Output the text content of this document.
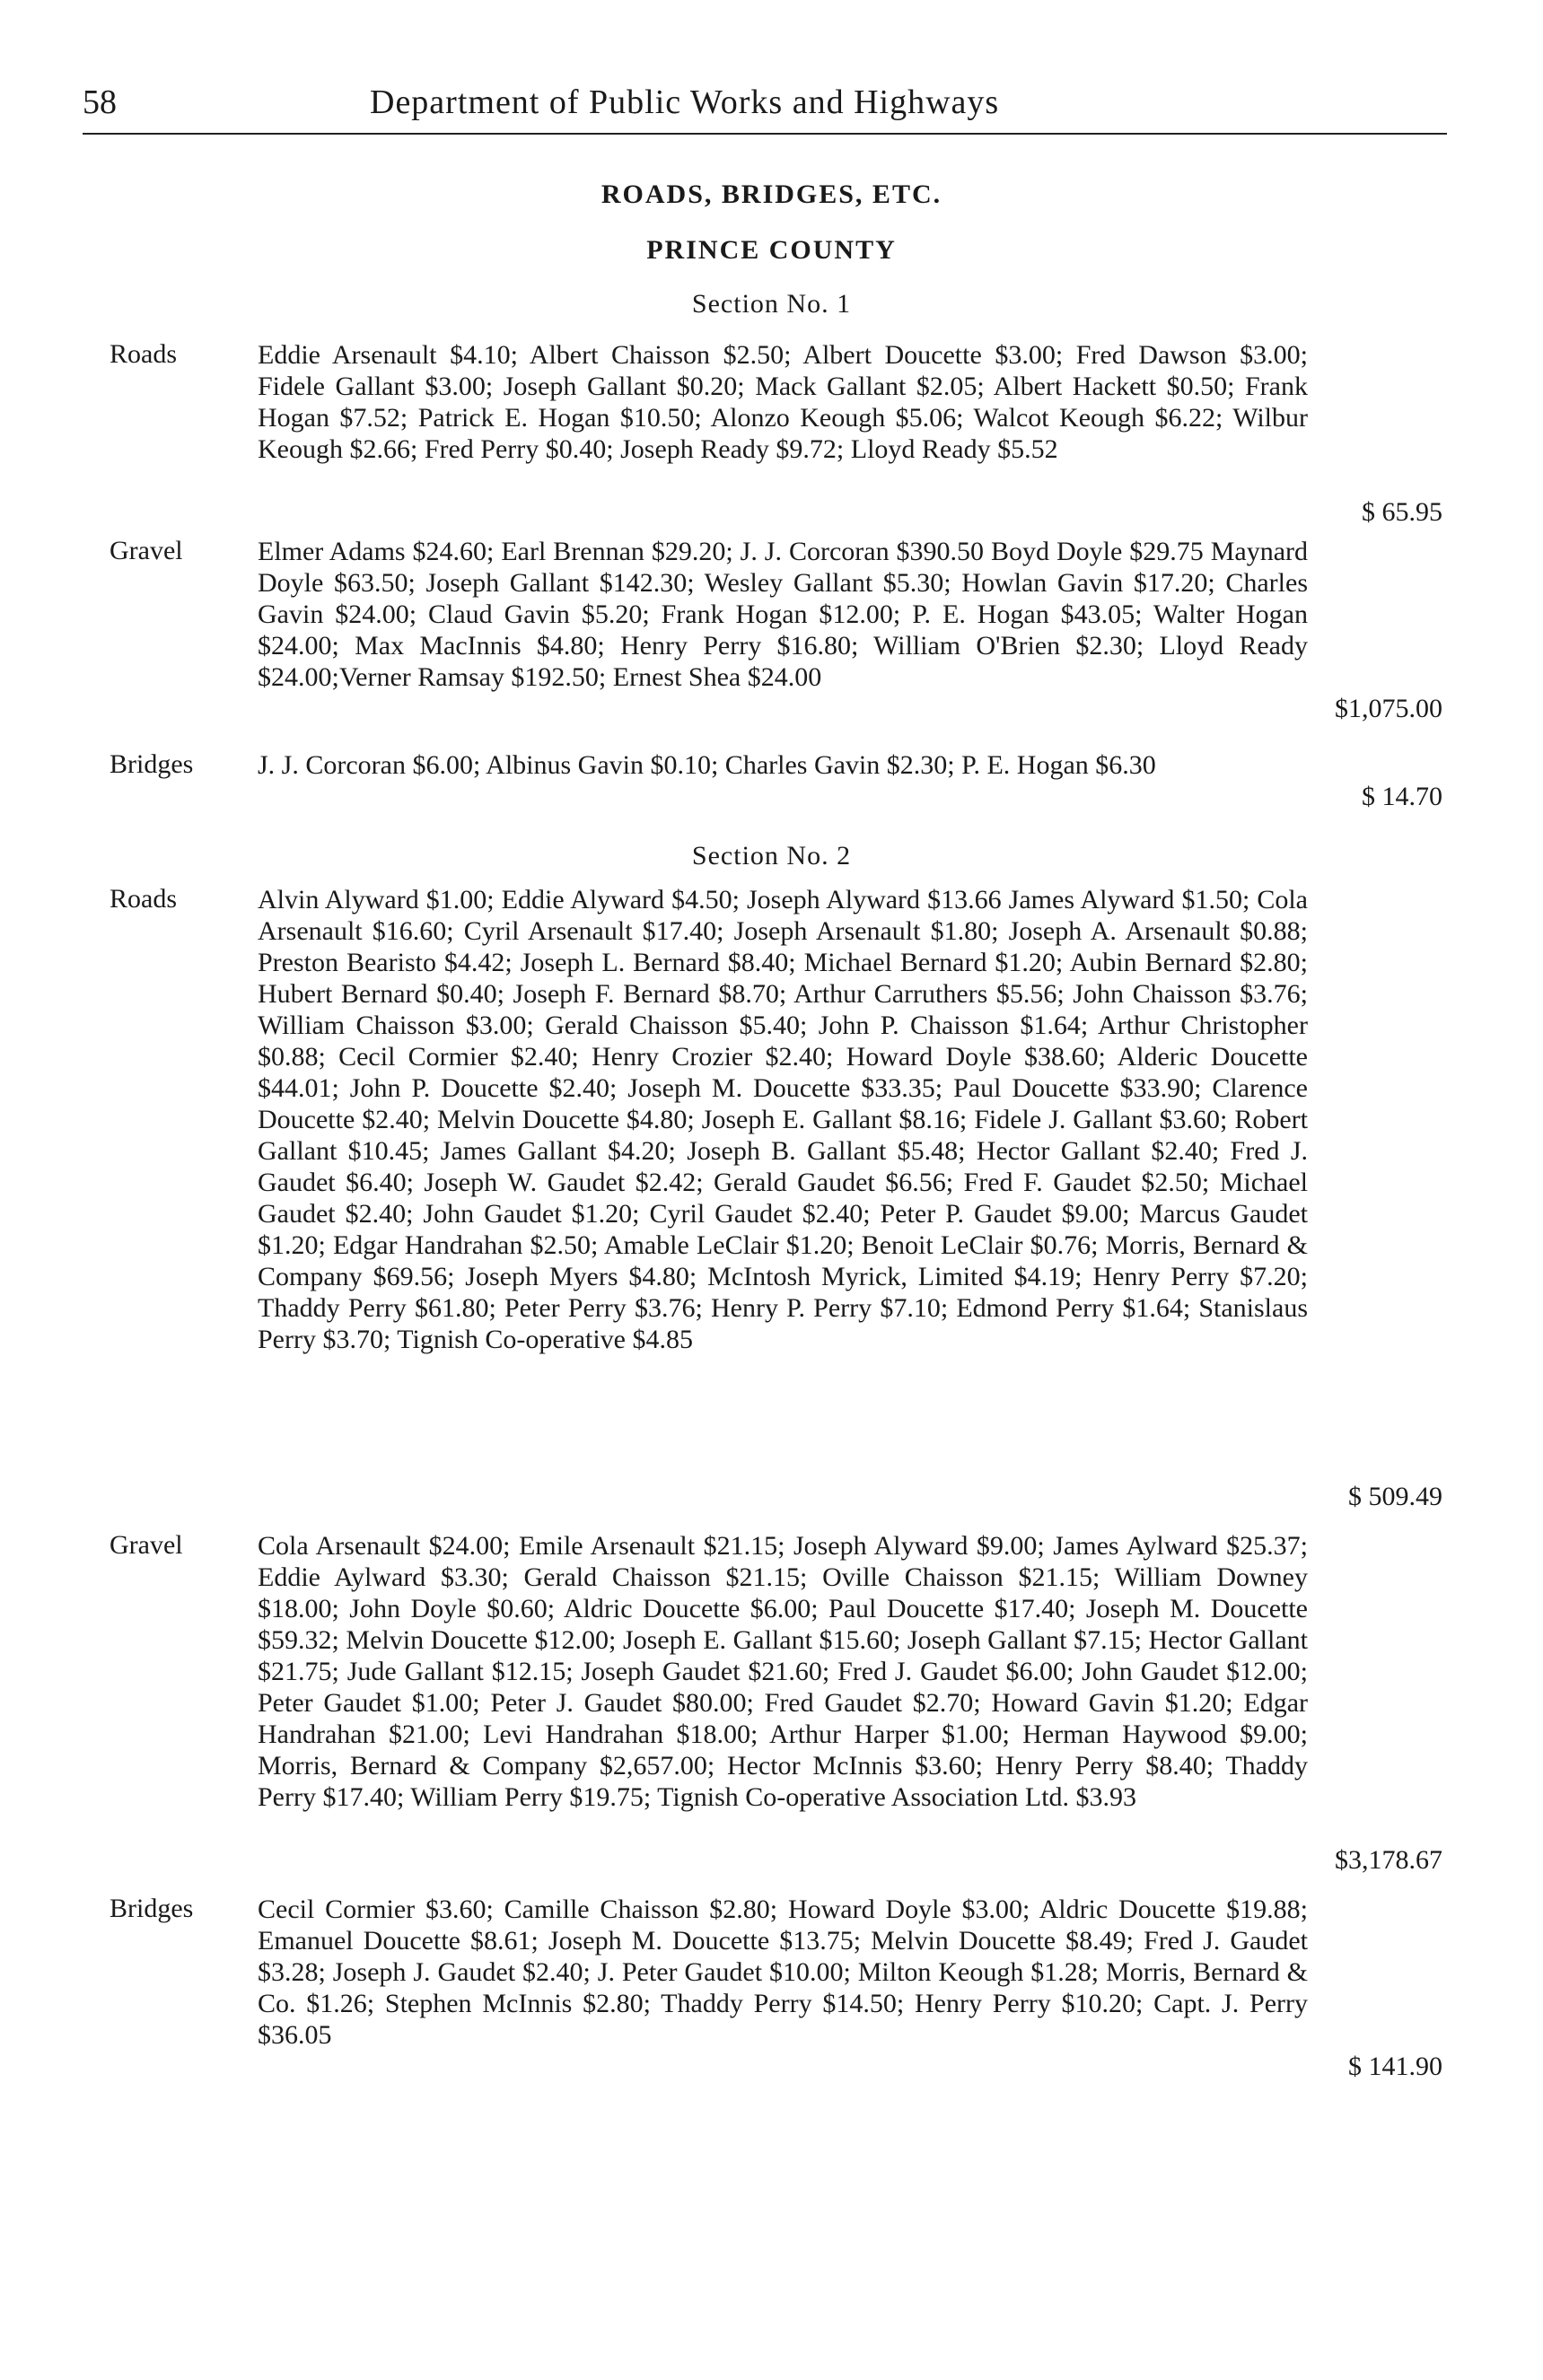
58	Department of Public Works and Highways
ROADS, BRIDGES, ETC.
PRINCE COUNTY
Section No. 1
Roads	Eddie Arsenault $4.10; Albert Chaisson $2.50; Albert Doucette $3.00; Fred Dawson $3.00; Fidele Gallant $3.00; Joseph Gallant $0.20; Mack Gallant $2.05; Albert Hackett $0.50; Frank Hogan $7.52; Patrick E. Hogan $10.50; Alonzo Keough $5.06; Walcot Keough $6.22; Wilbur Keough $2.66; Fred Perry $0.40; Joseph Ready $9.72; Lloyd Ready $5.52
$ 65.95
Gravel	Elmer Adams $24.60; Earl Brennan $29.20; J. J. Corcoran $390.50 Boyd Doyle $29.75 Maynard Doyle $63.50; Joseph Gallant $142.30; Wesley Gallant $5.30; Howlan Gavin $17.20; Charles Gavin $24.00; Claud Gavin $5.20; Frank Hogan $12.00; P. E. Hogan $43.05; Walter Hogan $24.00; Max MacInnis $4.80; Henry Perry $16.80; William O'Brien $2.30; Lloyd Ready $24.00;Verner Ramsay $192.50; Ernest Shea $24.00
$1,075.00
Bridges J. J. Corcoran $6.00; Albinus Gavin $0.10; Charles Gavin $2.30; P. E. Hogan $6.30
$ 14.70
Section No. 2
Roads	Alvin Alyward $1.00; Eddie Alyward $4.50; Joseph Alyward $13.66 James Alyward $1.50; Cola Arsenault $16.60; Cyril Arsenault $17.40; Joseph Arsenault $1.80; Joseph A. Arsenault $0.88; Preston Bearisto $4.42; Joseph L. Bernard $8.40; Michael Bernard $1.20; Aubin Bernard $2.80; Hubert Bernard $0.40; Joseph F. Bernard $8.70; Arthur Carruthers $5.56; John Chaisson $3.76; William Chaisson $3.00; Gerald Chaisson $5.40; John P. Chaisson $1.64; Arthur Christopher $0.88; Cecil Cormier $2.40; Henry Crozier $2.40; Howard Doyle $38.60; Alderic Doucette $44.01; John P. Doucette $2.40; Joseph M. Doucette $33.35; Paul Doucette $33.90; Clarence Doucette $2.40; Melvin Doucette $4.80; Joseph E. Gallant $8.16; Fidele J. Gallant $3.60; Robert Gallant $10.45; James Gallant $4.20; Joseph B. Gallant $5.48; Hector Gallant $2.40; Fred J. Gaudet $6.40; Joseph W. Gaudet $2.42; Gerald Gaudet $6.56; Fred F. Gaudet $2.50; Michael Gaudet $2.40; John Gaudet $1.20; Cyril Gaudet $2.40; Peter P. Gaudet $9.00; Marcus Gaudet $1.20; Edgar Handrahan $2.50; Amable LeClair $1.20; Benoit LeClair $0.76; Morris, Bernard & Company $69.56; Joseph Myers $4.80; McIntosh Myrick, Limited $4.19; Henry Perry $7.20; Thaddy Perry $61.80; Peter Perry $3.76; Henry P. Perry $7.10; Edmond Perry $1.64; Stanislaus Perry $3.70; Tignish Co-operative $4.85
$ 509.49
Gravel	Cola Arsenault $24.00; Emile Arsenault $21.15; Joseph Alyward $9.00; James Aylward $25.37; Eddie Aylward $3.30; Gerald Chaisson $21.15; Oville Chaisson $21.15; William Downey $18.00; John Doyle $0.60; Aldric Doucette $6.00; Paul Doucette $17.40; Joseph M. Doucette $59.32; Melvin Doucette $12.00; Joseph E. Gallant $15.60; Joseph Gallant $7.15; Hector Gallant $21.75; Jude Gallant $12.15; Joseph Gaudet $21.60; Fred J. Gaudet $6.00; John Gaudet $12.00; Peter Gaudet $1.00; Peter J. Gaudet $80.00; Fred Gaudet $2.70; Howard Gavin $1.20; Edgar Handrahan $21.00; Levi Handrahan $18.00; Arthur Harper $1.00; Herman Haywood $9.00; Morris, Bernard & Company $2,657.00; Hector McInnis $3.60; Henry Perry $8.40; Thaddy Perry $17.40; William Perry $19.75; Tignish Co-operative Association Ltd. $3.93
$3,178.67
Bridges Cecil Cormier $3.60; Camille Chaisson $2.80; Howard Doyle $3.00; Aldric Doucette $19.88; Emanuel Doucette $8.61; Joseph M. Doucette $13.75; Melvin Doucette $8.49; Fred J. Gaudet $3.28; Joseph J. Gaudet $2.40; J. Peter Gaudet $10.00; Milton Keough $1.28; Morris, Bernard & Co. $1.26; Stephen McInnis $2.80; Thaddy Perry $14.50; Henry Perry $10.20; Capt. J. Perry $36.05
$ 141.90
